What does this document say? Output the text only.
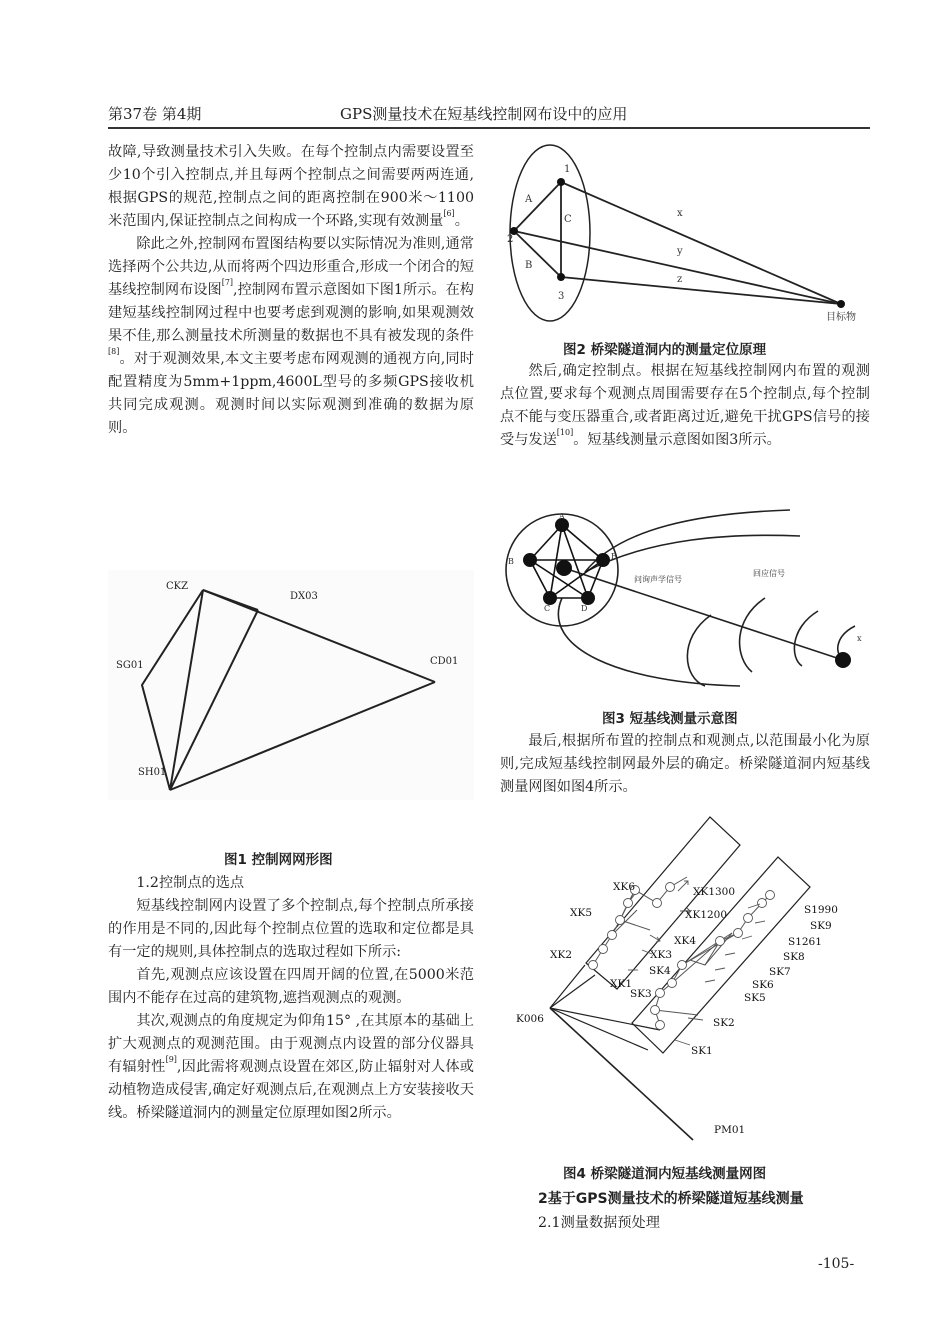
第37卷 第4期	GPS测量技术在短基线控制网布设中的应用

故障,导致测量技术引入失败。在每个控制点内需要设置至少10个引入控制点,并且每两个控制点之间需要两两连通,根据GPS的规范,控制点之间的距离控制在900米～1100米范围内,保证控制点之间构成一个环路,实现有效测量[6]。

除此之外,控制网布置图结构要以实际情况为准则,通常选择两个公共边,从而将两个四边形重合,形成一个闭合的短基线控制网布设图[7],控制网布置示意图如下图1所示。在构建短基线控制网过程中也要考虑到观测的影响,如果观测效果不佳,那么测量技术所测量的数据也不具有被发现的条件[8]。对于观测效果,本文主要考虑布网观测的通视方向,同时配置精度为5mm+1ppm,4600L型号的多频GPS接收机共同完成观测。观测时间以实际观测到准确的数据为原则。

CKZ
DX03
SG01	CD01
SH01
图1 控制网网形图

1.2控制点的选点

短基线控制网内设置了多个控制点,每个控制点所承接的作用是不同的,因此每个控制点位置的选取和定位都是具有一定的规则,具体控制点的选取过程如下所示:

首先,观测点应该设置在四周开阔的位置,在5000米范围内不能存在过高的建筑物,遮挡观测点的观测。

其次,观测点的角度规定为仰角15° ,在其原本的基础上扩大观测点的观测范围。由于观测点内设置的部分仪器具有辐射性[9],因此需将观测点设置在郊区,防止辐射对人体或动植物造成侵害,确定好观测点后,在观测点上方安装接收天线。桥梁隧道洞内的测量定位原理如图2所示。

1
2
3
A
B
C
x
y
z
目标物
图2 桥梁隧道洞内的测量定位原理

然后,确定控制点。根据在短基线控制网内布置的观测点位置,要求每个观测点周围需要存在5个控制点,每个控制点不能与变压器重合,或者距离过近,避免干扰GPS信号的接受与发送[10]。短基线测量示意图如图3所示。

A
B
E
C	D
问询声学信号
回应信号
x
图3 短基线测量示意图

最后,根据所布置的控制点和观测点,以范围最小化为原则,完成短基线控制网最外层的确定。桥梁隧道洞内短基线测量网图如图4所示。

XK6	XK1300
XK5	XK1200
XK4
XK2	XK3
SK4
XK1
SK3
S1990
SK9
S1261
SK8
SK7
SK6
SK5
SK2
SK1
K006
PM01
图4 桥梁隧道洞内短基线测量网图

2基于GPS测量技术的桥梁隧道短基线测量

2.1测量数据预处理

-105-
